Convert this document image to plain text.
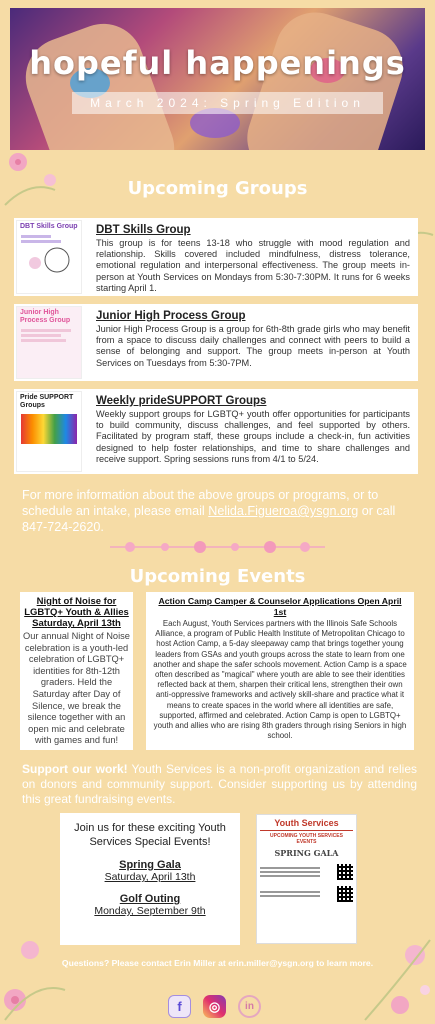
hopeful happenings
March 2024: Spring Edition
Upcoming Groups
DBT Skills Group DBT Skills Group
This group is for teens 13-18 who struggle with mood regulation and relationship. Skills covered included mindfulness, distress tolerance, emotional regulation and interpersonal effectiveness. The group meets in-person at Youth Services on Mondays from 5:30-7:30PM. It runs for 6 weeks starting April 1.
Junior High Process Group	Junior High Process Group
Junior High Process Group is a group for 6th-8th grade girls who may benefit from a space to discuss daily challenges and connect with peers to build a sense of belonging and support. The group meets in-person at Youth Services on Tuesdays from 5:30-7PM.
Pride SUPPORT Groups	Weekly prideSUPPORT Groups
Weekly support groups for LGBTQ+ youth offer opportunities for participants to build community, discuss challenges, and feel supported by others. Facilitated by program staff, these groups include a check-in, fun activities designed to help foster relationships, and time to share challenges and receive support. Spring sessions runs from 4/1 to 5/24.
For more information about the above groups or programs, or to schedule an intake, please email Nelida.Figueroa@ysgn.org or call 847-724-2620.
Upcoming Events
Night of Noise for LGBTQ+ Youth & Allies Saturday, April 13th
Our annual Night of Noise celebration is a youth-led celebration of LGBTQ+ identities for 8th-12th graders. Held the Saturday after Day of Silence, we break the silence together with an open mic and celebrate with games and fun!
Action Camp Camper & Counselor Applications Open April 1st
Each August, Youth Services partners with the Illinois Safe Schools Alliance, a program of Public Health Institute of Metropolitan Chicago to host Action Camp, a 5-day sleepaway camp that brings together young leaders from GSAs and youth groups across the state to learn from one another and shape the safer schools movement. Action Camp is a space often described as "magical" where youth are able to see their identities reflected back at them, sharpen their critical lens, strengthen their own anti-oppressive frameworks and actively skill-share and practice what it means to create spaces in the world where all identities are safe, supported, affirmed and celebrated. Action Camp is open to LGBTQ+ youth and allies who are rising 8th graders through rising Seniors in high school.
Support our work! Youth Services is a non-profit organization and relies on donors and community support. Consider supporting us by attending this great fundraising events.
Join us for these exciting Youth Services Special Events!
Spring Gala
Saturday, April 13th
Golf Outing
Monday, September 9th
Youth Services
UPCOMING YOUTH SERVICES EVENTS
SPRING GALA
Questions? Please contact Erin Miller at erin.miller@ysgn.org to learn more.
f	◎	in
